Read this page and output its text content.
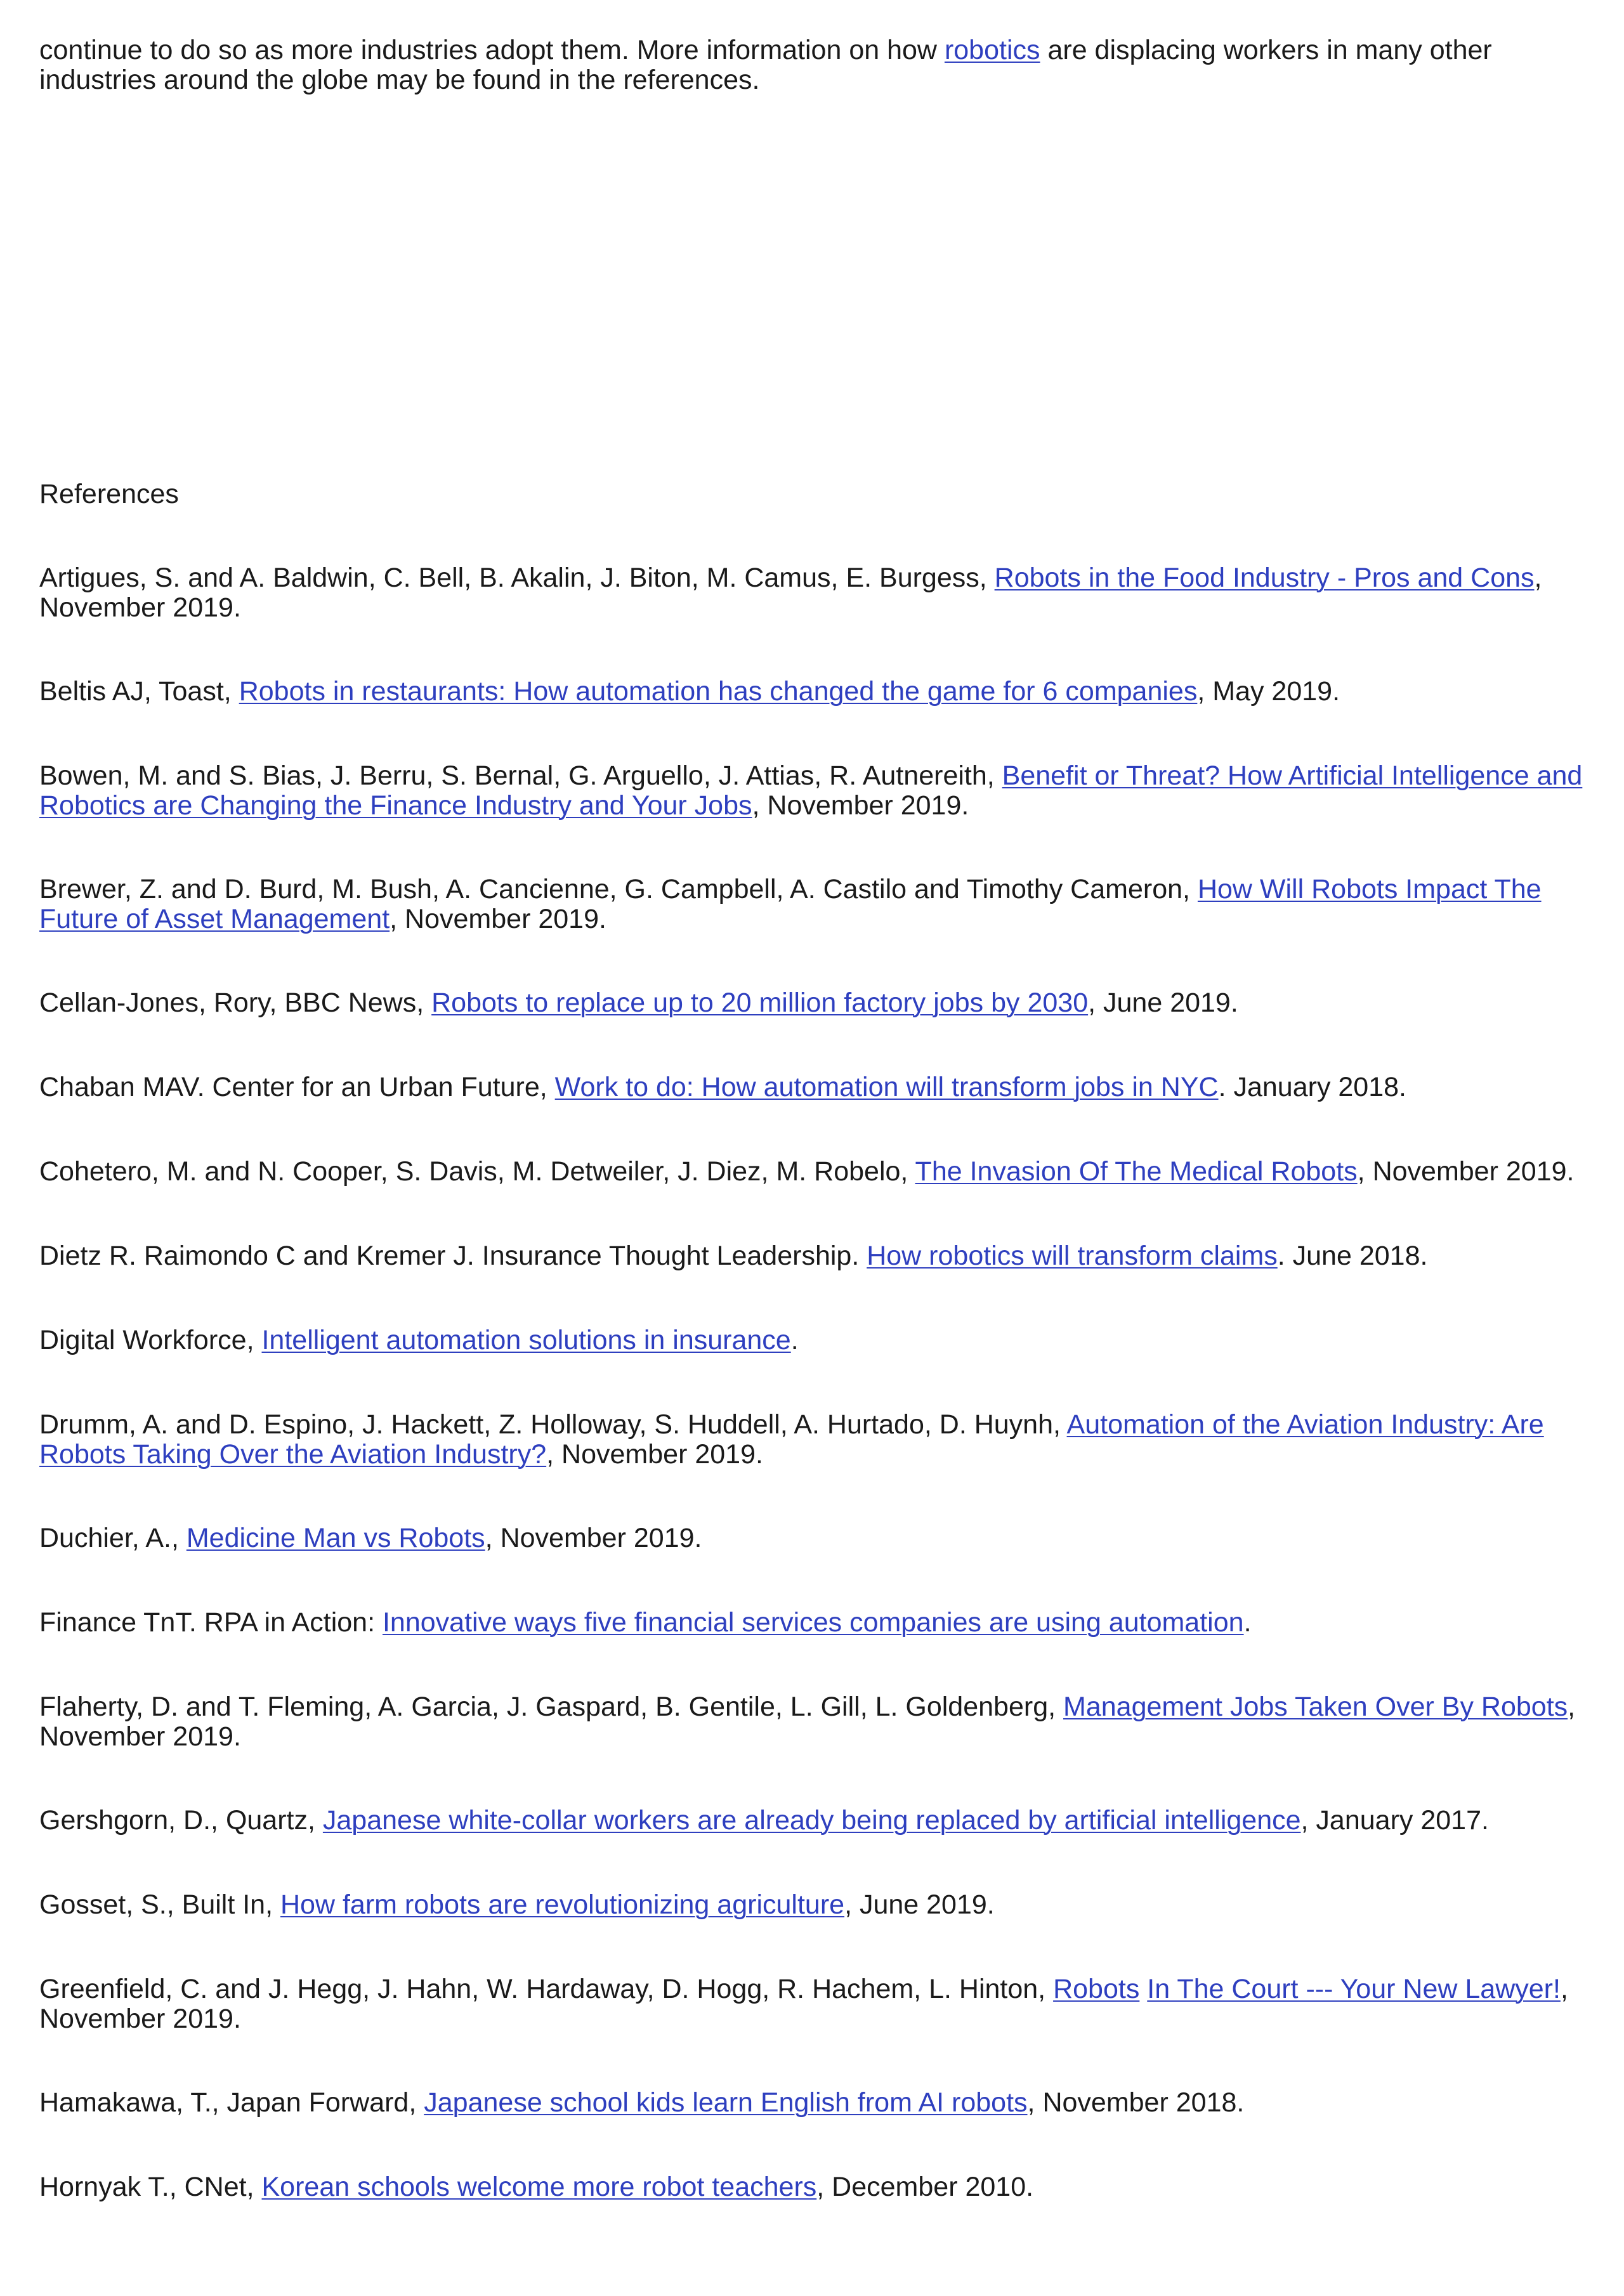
continue to do so as more industries adopt them. More information on how robotics are displacing workers in many other industries around the globe may be found in the references.

References
Artigues, S. and A. Baldwin, C. Bell, B. Akalin, J. Biton, M. Camus, E. Burgess, Robots in the Food Industry - Pros and Cons, November 2019.
Beltis AJ, Toast, Robots in restaurants: How automation has changed the game for 6 companies, May 2019.
Bowen, M. and S. Bias, J. Berru, S. Bernal, G. Arguello, J. Attias, R. Autnereith, Benefit or Threat? How Artificial Intelligence and Robotics are Changing the Finance Industry and Your Jobs, November 2019.
Brewer, Z. and D. Burd, M. Bush, A. Cancienne, G. Campbell, A. Castilo and Timothy Cameron, How Will Robots Impact The Future of Asset Management, November 2019.
Cellan-Jones, Rory, BBC News, Robots to replace up to 20 million factory jobs by 2030, June 2019.
Chaban MAV. Center for an Urban Future, Work to do: How automation will transform jobs in NYC. January 2018.
Cohetero, M. and N. Cooper, S. Davis, M. Detweiler, J. Diez, M. Robelo, The Invasion Of The Medical Robots, November 2019.
Dietz R. Raimondo C and Kremer J. Insurance Thought Leadership. How robotics will transform claims. June 2018.
Digital Workforce, Intelligent automation solutions in insurance.
Drumm, A. and D. Espino, J. Hackett, Z. Holloway, S. Huddell, A. Hurtado, D. Huynh, Automation of the Aviation Industry: Are Robots Taking Over the Aviation Industry?, November 2019.
Duchier, A., Medicine Man vs Robots, November 2019.
Finance TnT. RPA in Action: Innovative ways five financial services companies are using automation.
Flaherty, D. and T. Fleming, A. Garcia, J. Gaspard, B. Gentile, L. Gill, L. Goldenberg, Management Jobs Taken Over By Robots, November 2019.
Gershgorn, D., Quartz, Japanese white-collar workers are already being replaced by artificial intelligence, January 2017.
Gosset, S., Built In, How farm robots are revolutionizing agriculture, June 2019.
Greenfield, C. and J. Hegg, J. Hahn, W. Hardaway, D. Hogg, R. Hachem, L. Hinton, Robots In The Court --- Your New Lawyer!, November 2019.
Hamakawa, T., Japan Forward, Japanese school kids learn English from AI robots, November 2018.
Hornyak T., CNet, Korean schools welcome more robot teachers, December 2010.
